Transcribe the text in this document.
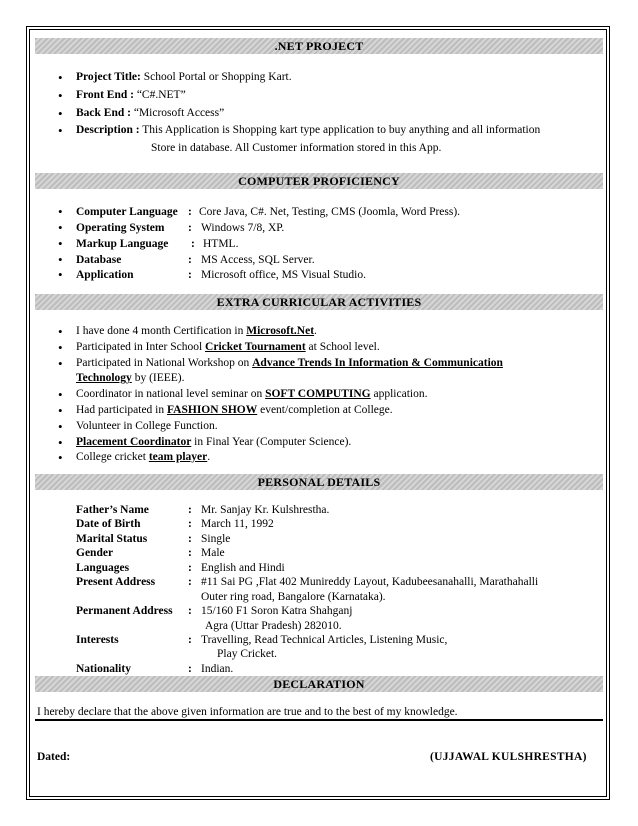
.NET PROJECT
• Project Title: School Portal or Shopping Kart.
• Front End : “C#.NET”
• Back End : “Microsoft Access”
• Description : This Application is Shopping kart type application to buy anything and all information
Store in database. All Customer information stored in this App.
COMPUTER PROFICIENCY
• Computer Language : Core Java, C#. Net, Testing, CMS (Joomla, Word Press).
• Operating System : Windows 7/8, XP.
• Markup Language : HTML.
• Database	: MS Access, SQL Server.
• Application	: Microsoft office, MS Visual Studio.
EXTRA CURRICULAR ACTIVITIES
• I have done 4 month Certification in Microsoft.Net.
• Participated in Inter School Cricket Tournament at School level.
• Participated in National Workshop on Advance Trends In Information & Communication
Technology by (IEEE).
• Coordinator in national level seminar on SOFT COMPUTING application.
• Had participated in FASHION SHOW event/completion at College.
• Volunteer in College Function.
• Placement Coordinator in Final Year (Computer Science).
• College cricket team player.
PERSONAL DETAILS
Father’s Name	: Mr. Sanjay Kr. Kulshrestha.
Date of Birth	: March 11, 1992
Marital Status	: Single
Gender	: Male
Languages	: English and Hindi
Present Address	: #11 Sai PG ,Flat 402 Munireddy Layout, Kadubeesanahalli, Marathahalli
Outer ring road, Bangalore (Karnataka).
Permanent Address : 15/160 F1 Soron Katra Shahganj
Agra (Uttar Pradesh) 282010.
Interests	: Travelling, Read Technical Articles, Listening Music,
Play Cricket.
Nationality	: Indian.
DECLARATION
I hereby declare that the above given information are true and to the best of my knowledge.
Dated:	(UJJAWAL KULSHRESTHA)
